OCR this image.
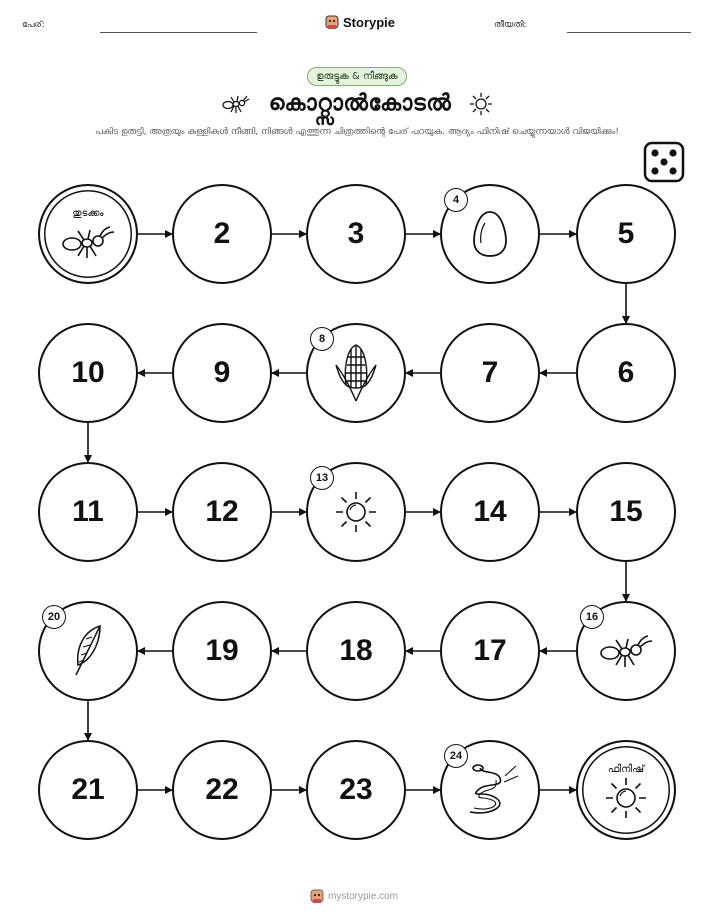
പേര്:	Storypie	തീയതി:
ഉരുട്ടുക & നീങ്ങുക
കൊറ്റ്സാൽകോടൽ
പകിട ഉരുട്ടി, അത്രയും കള്ളികൾ നീങ്ങി, നിങ്ങൾ എത്തുന്ന ചിത്രത്തിന്റെ പേര് പറയുക. ആദ്യം ഫിനിഷ് ചെയ്യുന്നയാൾ വിജയിക്കും!
തുടക്കം
2	3
4
5
6
7
8
9
10
11	12
13
14	15
16
17
18
19
20
21	22	23
24
ഫിനിഷ്
mystorypie.com
